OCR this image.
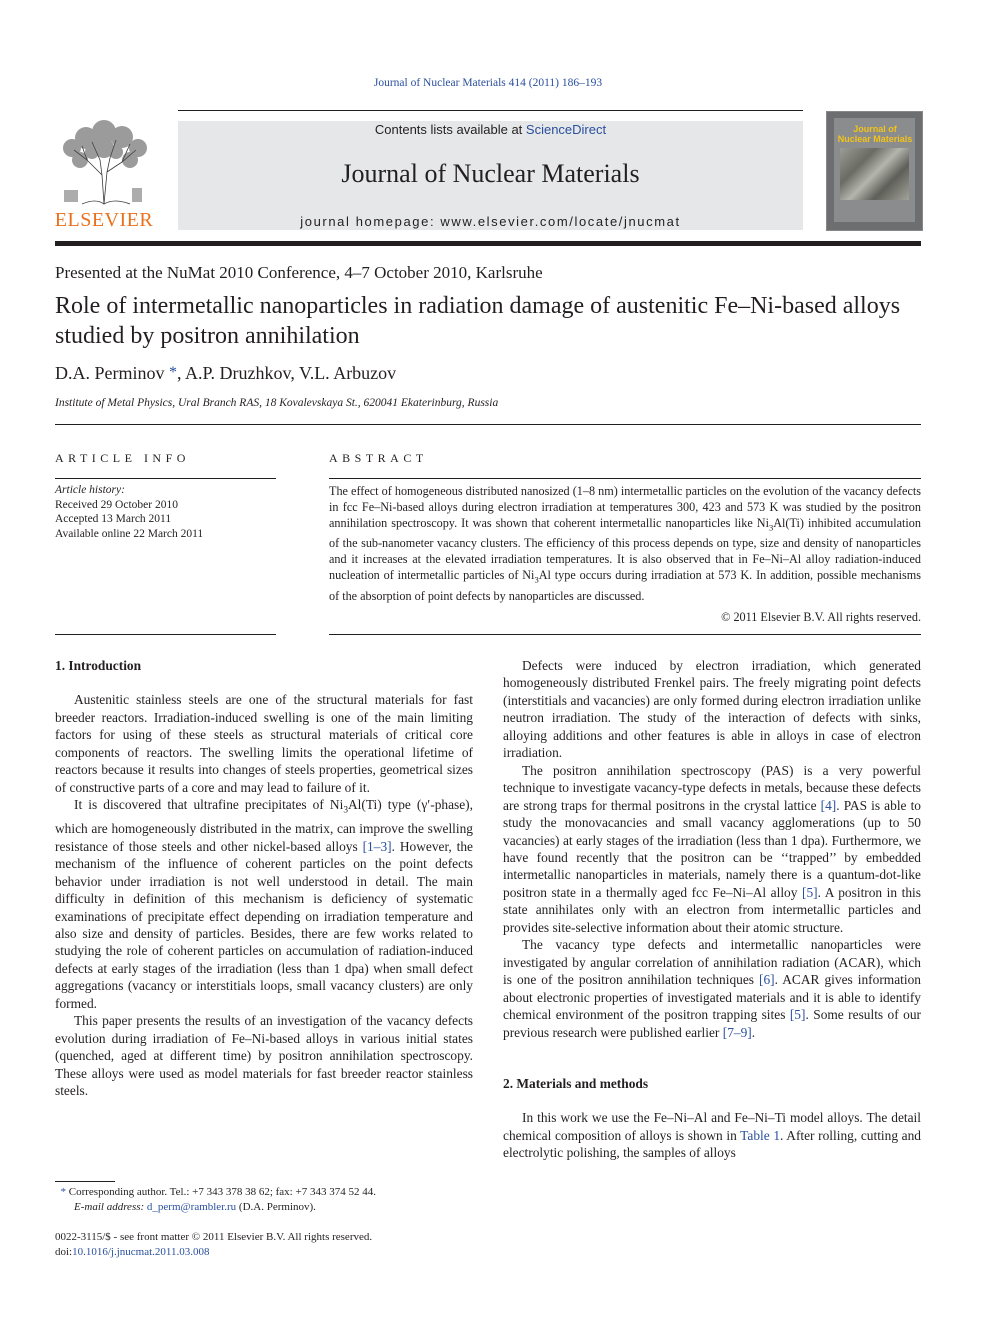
Journal of Nuclear Materials 414 (2011) 186–193
ELSEVIER
Contents lists available at ScienceDirect
Journal of Nuclear Materials
journal homepage: www.elsevier.com/locate/jnucmat
Journal of Nuclear Materials
Presented at the NuMat 2010 Conference, 4–7 October 2010, Karlsruhe
Role of intermetallic nanoparticles in radiation damage of austenitic Fe–Ni-based alloys studied by positron annihilation
D.A. Perminov *, A.P. Druzhkov, V.L. Arbuzov
Institute of Metal Physics, Ural Branch RAS, 18 Kovalevskaya St., 620041 Ekaterinburg, Russia
ARTICLE INFO
Article history:
Received 29 October 2010
Accepted 13 March 2011
Available online 22 March 2011
ABSTRACT
The effect of homogeneous distributed nanosized (1–8 nm) intermetallic particles on the evolution of the vacancy defects in fcc Fe–Ni-based alloys during electron irradiation at temperatures 300, 423 and 573 K was studied by the positron annihilation spectroscopy. It was shown that coherent intermetallic nanoparticles like $Ni_3Al(Ti)$ inhibited accumulation of the sub-nanometer vacancy clusters. The efficiency of this process depends on type, size and density of nanoparticles and it increases at the elevated irradiation temperatures. It is also observed that in Fe–Ni–Al alloy radiation-induced nucleation of intermetallic particles of $Ni_3Al$ type occurs during irradiation at 573 K. In addition, possible mechanisms of the absorption of point defects by nanoparticles are discussed.
© 2011 Elsevier B.V. All rights reserved.
1. Introduction

Austenitic stainless steels are one of the structural materials for fast breeder reactors. Irradiation-induced swelling is one of the main limiting factors for using of these steels as structural materials of critical core components of reactors. The swelling limits the operational lifetime of reactors because it results into changes of steels properties, geometrical sizes of constructive parts of a core and may lead to failure of it.

It is discovered that ultrafine precipitates of $Ni_3Al(Ti)$ type (γ′-phase), which are homogeneously distributed in the matrix, can improve the swelling resistance of those steels and other nickel-based alloys [1–3]. However, the mechanism of the influence of coherent particles on the point defects behavior under irradiation is not well understood in detail. The main difficulty in definition of this mechanism is deficiency of systematic examinations of precipitate effect depending on irradiation temperature and also size and density of particles. Besides, there are few works related to studying the role of coherent particles on accumulation of radiation-induced defects at early stages of the irradiation (less than 1 dpa) when small defect aggregations (vacancy or interstitials loops, small vacancy clusters) are only formed.

This paper presents the results of an investigation of the vacancy defects evolution during irradiation of Fe–Ni-based alloys in various initial states (quenched, aged at different time) by positron annihilation spectroscopy. These alloys were used as model materials for fast breeder reactor stainless steels.

Defects were induced by electron irradiation, which generated homogeneously distributed Frenkel pairs. The freely migrating point defects (interstitials and vacancies) are only formed during electron irradiation unlike neutron irradiation. The study of the interaction of defects with sinks, alloying additions and other features is able in alloys in case of electron irradiation.

The positron annihilation spectroscopy (PAS) is a very powerful technique to investigate vacancy-type defects in metals, because these defects are strong traps for thermal positrons in the crystal lattice [4]. PAS is able to study the monovacancies and small vacancy agglomerations (up to 50 vacancies) at early stages of the irradiation (less than 1 dpa). Furthermore, we have found recently that the positron can be ‘‘trapped’’ by embedded intermetallic nanoparticles in materials, namely there is a quantum-dot-like positron state in a thermally aged fcc Fe–Ni–Al alloy [5]. A positron in this state annihilates only with an electron from intermetallic particles and provides site-selective information about their atomic structure.

The vacancy type defects and intermetallic nanoparticles were investigated by angular correlation of annihilation radiation (ACAR), which is one of the positron annihilation techniques [6]. ACAR gives information about electronic properties of investigated materials and it is able to identify chemical environment of the positron trapping sites [5]. Some results of our previous research were published earlier [7–9].

2. Materials and methods

In this work we use the Fe–Ni–Al and Fe–Ni–Ti model alloys. The detail chemical composition of alloys is shown in Table 1. After rolling, cutting and electrolytic polishing, the samples of alloys

* Corresponding author. Tel.: +7 343 378 38 62; fax: +7 343 374 52 44.
E-mail address: d_perm@rambler.ru (D.A. Perminov).
0022-3115/$ - see front matter © 2011 Elsevier B.V. All rights reserved.
doi:10.1016/j.jnucmat.2011.03.008
